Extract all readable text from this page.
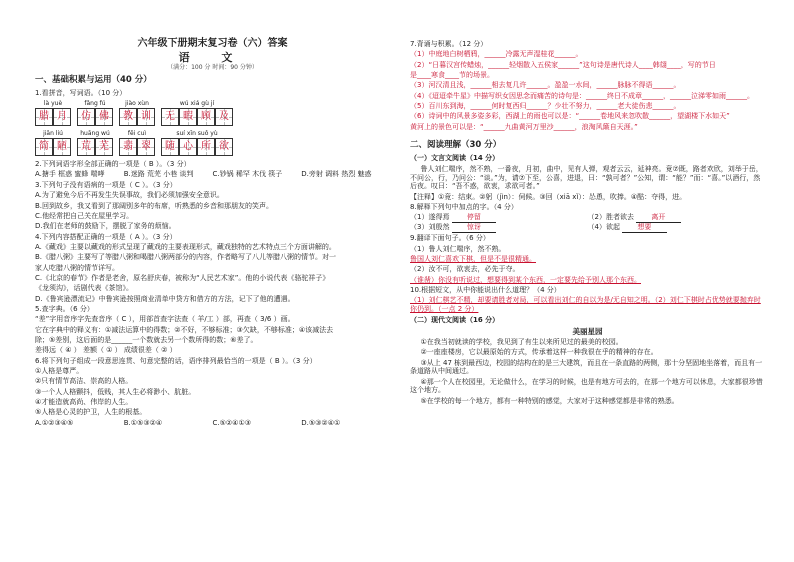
六年级下册期末复习卷（六）答案
语 文
（满分：100 分 时间：90 分钟）
一、基础积累与运用（40 分）
1.看拼音，写词语。（10 分）
là yuè
腊 月
fǎng fú
仿 佛
jiào xùn
教 训
wú xiá gù jí
无 暇 顾 及
jiān liú
简 陋
huāng wú
荒 芜
fēi cuì
翡 翠
suí xīn suǒ yù
随 心 所 欲
2.下列词语字形全部正确的一项是（ B ）。（3 分）
A.搪手 框惑 蜜蜂 喘哮	B.迷路 荒芜 小巷 谈判	C.钞锅 稀罕 木伐 筷子	D.旁射 调料 热烈 魅惑
3.下列句子没有语病的一项是（ C ）。（3 分）
A.为了避免今后不再发生失误事故，我们必须加强安全意识。
B.回到故乡，我又看到了那阔别多年的布席，听熟悉的乡音和那朋友的笑声。
C.他经常把自己关在屋里学习。
D.我们在老师的鼓励下，摆脱了家务的烦恼。
4.下列内容搭配正确的一项是（ A ）。（3 分）
A.《藏戏》主要以藏戏的形式呈现了藏戏的主要表现形式，藏戏独特的艺术特点三个方面讲解的。
B.《腊八粥》主要写了等腊八粥和喝腊八粥两部分的内容，作者略写了八儿等腊八粥的情节。对一
家人吃腊八粥的情节详写。
C.《北京的春节》作者是老舍，原名舒庆春，被称为“人民艺术家”。他的小说代表《骆驼祥子》
《龙须沟》，话剧代表《茶馆》。
D.《鲁宾逊漂流记》中鲁宾逊按照商业清单中贷方和借方的方法，记下了他的遭遇。
5.查字典。（6 分）
“差”字用音序字先查音序（ C ），用部首查字法查（ 羊/工 ）部，再查（ 3/6 ）画。
它在字典中的释义有：①减法运算中的得数；②不好，不够标准；③欠缺，不够标准；④该减法去
除；⑤差别，这后面的是______一个数就去另一个数所得的数；⑥差了。
差得远（ ④ ） 差额（ ① ） 成绩很差（ ② ）
6.将下列句子组成一段意思连贯、句意完整的话，语序排列最恰当的一项是（ B ）。（3 分）
①人格是尊严。
②只有情节高洁、崇高的人格。
③一个人人格颤抖，低贱，其人生必将渺小、肮脏。
④才能造就高尚、伟岸的人生。
⑤人格是心灵的护卫，人生的根基。
A.①②③④⑤	B.①⑤③②④	C.⑤②④①③	D.⑤③②④①
7.背诵与积累。（12 分）
（1）中庭地白树栖鸦，______冷露无声湿桂花______。
（2）“日暮汉宫传蜡烛，______轻烟散入五侯家______”这句诗是唐代诗人____韩翃____，写的节日
是____寒食____节的场景。
（3）河汉清且浅，______相去复几许______。盈盈一水间，______脉脉不得语______。
（4）《迢迢牵牛星》中描写织女因思念而痛苦的诗句是：______终日不成章______，______泣涕零如雨______。
（5）百川东到海，______何时复西归______？少壮不努力，______老大徒伤悲______。
（6）诗词中的风景多姿多彩，西湖上的雨也可以是：“______卷地风来忽吹散______，望湖楼下水如天”
黄河上的景色可以是：“______九曲黄河万里沙______，浪淘风簸自天涯。”
二、阅读理解（30 分）
（一）文言文阅读（14 分）
鲁人刘仁喘序，然不熟，一番夜，月初，曲中，见有人弹，观者云云，延神亮。竟⑦既，路者欢欣，刘举于岳，不问公，行，乃问公：“谈。”为，请⑦下至，公喜，进退，曰：“孰可者？”公知，谓：“能？”而：“喜。”以酒行，然后夜。叹曰：“吾不惑，欲衷，求欲可者。”
【注释】①竟：结束。②躬（jìn）：伺候。③回（xiā xǐ）：怂恿，吹捧。④酤：夺得，进。
8.解释下列句中加点的字。（4 分）
（1）遂得焉 停留	（2）胜者欲去 离开
（3）刘殷然 惊讶	（4）欲起 想要
9.翻译下面句子。（6 分）
（1）鲁人刘仁喘序，然不熟。
鲁国人刘仁喜欢下棋，但是不是很精通。
（2）汝不可，欲衷去，必先于夺。
（谁凿）你没有听说过，想要得到某个东西，一定要先给予别人那个东西。
10.根据短文，从中你能说出什么道理？（4 分）
（1）刘仁棋艺不精，却要请胜者对局，可以看出刘仁的自以为是/无自知之明。（2）刘仁下棋时占优势就要抛弃时你仍到。（一点 2 分）
（二）现代文阅读（16 分）
美丽星园
①在我当初就读的学校，我见到了有生以来所见过的最美的校园。
②一座座楼房，它以最原始的方式，传承着这样一种我很在乎的精神的存在。
③从上 47 栋到最西边，校园的结构在的是三大建筑，而且在一条直路的两侧，那十分坚固地坐落着，而且有一条道路从中间通过。
④那一个人在校园里，无论做什么，在学习的时候，也是有地方可去的，在那一个地方可以休息，大家都很珍惜这个地方。
⑤在学校的每一个地方，都有一种特别的感觉，大家对于这种感觉都是非常的熟悉。
